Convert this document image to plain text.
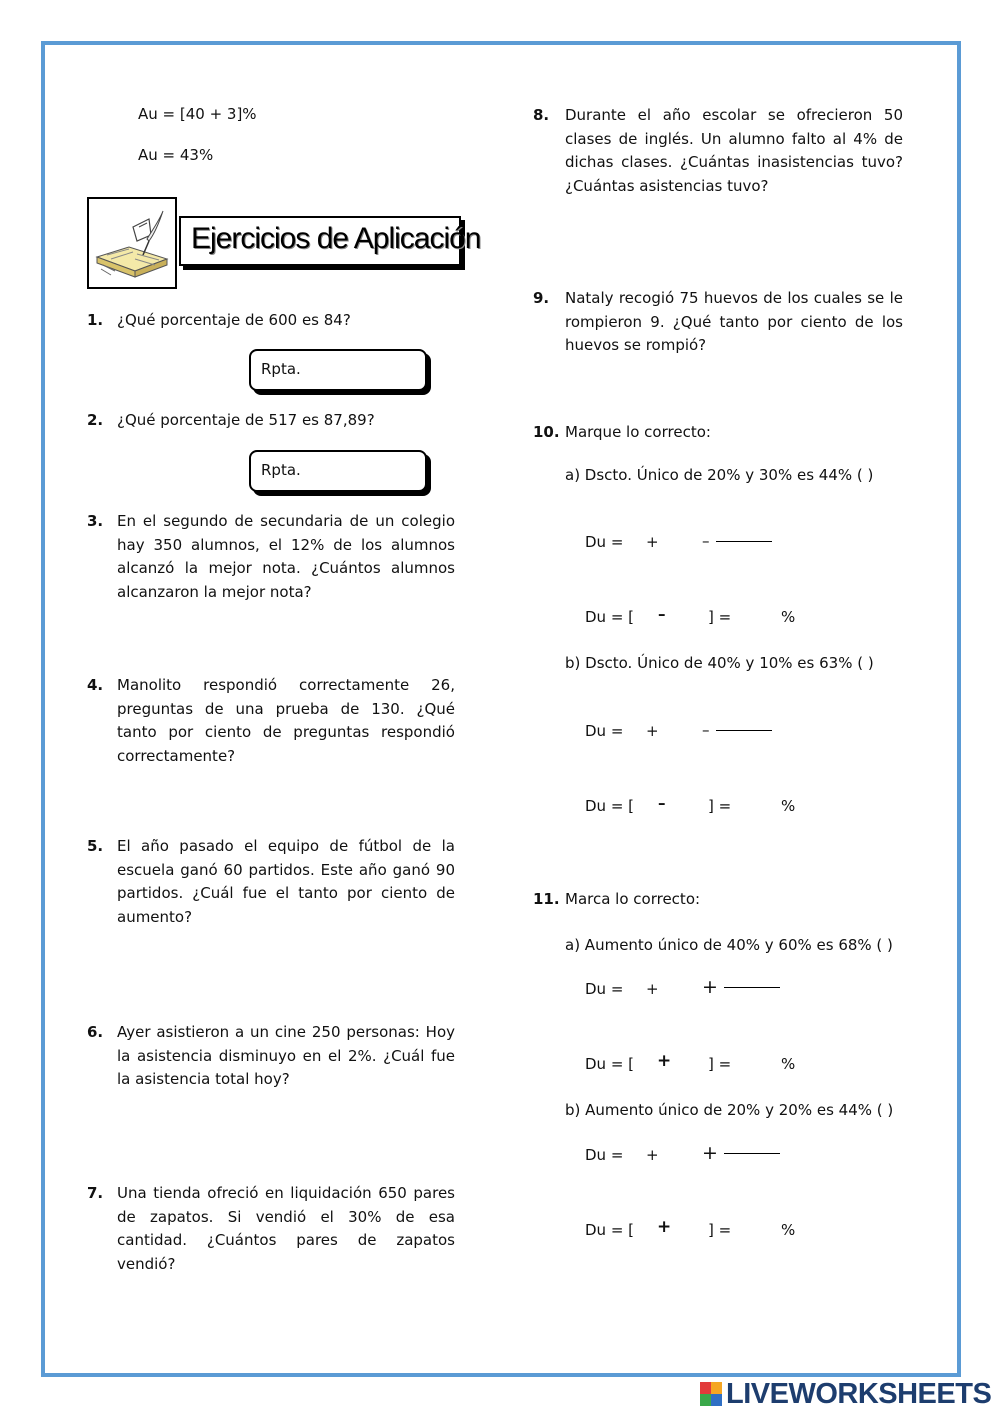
Au = [40 + 3]%
Au = 43%
Ejercicios de Aplicación
1. ¿Qué porcentaje de 600 es 84?
Rpta.
2. ¿Qué porcentaje de 517 es 87,89?
Rpta.
3. En el segundo de secundaria de un colegio hay 350 alumnos, el 12% de los alumnos alcanzó la mejor nota. ¿Cuántos alumnos alcanzaron la mejor nota?
4. Manolito respondió correctamente 26, preguntas de una prueba de 130. ¿Qué tanto por ciento de preguntas respondió correctamente?
5. El año pasado el equipo de fútbol de la escuela ganó 60 partidos. Este año ganó 90 partidos. ¿Cuál fue el tanto por ciento de aumento?
6. Ayer asistieron a un cine 250 personas: Hoy la asistencia disminuyo en el 2%. ¿Cuál fue la asistencia total hoy?
7. Una tienda ofreció en liquidación 650 pares de zapatos. Si vendió el 30% de esa cantidad. ¿Cuántos pares de zapatos vendió?
8. Durante el año escolar se ofrecieron 50 clases de inglés. Un alumno falto al 4% de dichas clases. ¿Cuántas inasistencias tuvo? ¿Cuántas asistencias tuvo?
9. Nataly recogió 75 huevos de los cuales se le rompieron 9. ¿Qué tanto por ciento de los huevos se rompió?
10. Marque lo correcto:
a) Dscto. Único de 20% y 30% es 44% ( )
Du = +	–
Du = [ –	] =	%
b) Dscto. Único de 40% y 10% es 63% ( )
Du = +	–
Du = [ –	] =	%
11. Marca lo correcto:
a) Aumento único de 40% y 60% es 68% ( )
Du = + +
Du = [ + ] =	%
b) Aumento único de 20% y 20% es 44% ( )
Du = + +
Du = [ + ] =	%
LIVEWORKSHEETS
